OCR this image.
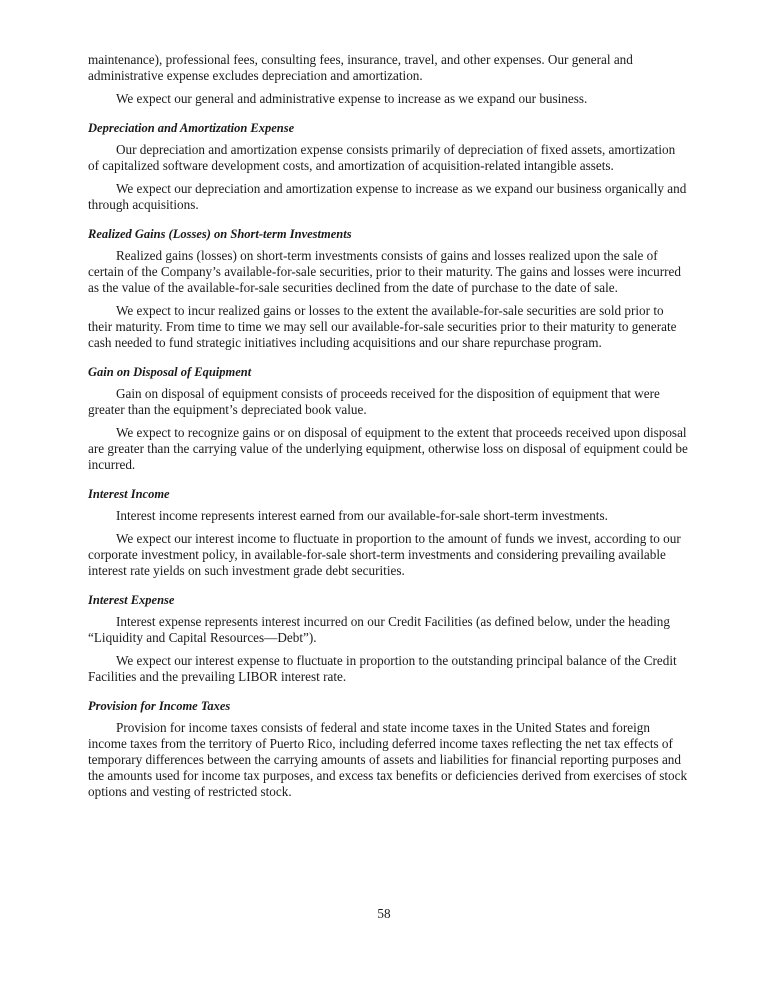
maintenance), professional fees, consulting fees, insurance, travel, and other expenses. Our general and administrative expense excludes depreciation and amortization.

We expect our general and administrative expense to increase as we expand our business.

Depreciation and Amortization Expense

Our depreciation and amortization expense consists primarily of depreciation of fixed assets, amortization of capitalized software development costs, and amortization of acquisition-related intangible assets.

We expect our depreciation and amortization expense to increase as we expand our business organically and through acquisitions.

Realized Gains (Losses) on Short-term Investments

Realized gains (losses) on short-term investments consists of gains and losses realized upon the sale of certain of the Company’s available-for-sale securities, prior to their maturity. The gains and losses were incurred as the value of the available-for-sale securities declined from the date of purchase to the date of sale.

We expect to incur realized gains or losses to the extent the available-for-sale securities are sold prior to their maturity. From time to time we may sell our available-for-sale securities prior to their maturity to generate cash needed to fund strategic initiatives including acquisitions and our share repurchase program.

Gain on Disposal of Equipment

Gain on disposal of equipment consists of proceeds received for the disposition of equipment that were greater than the equipment’s depreciated book value.

We expect to recognize gains or on disposal of equipment to the extent that proceeds received upon disposal are greater than the carrying value of the underlying equipment, otherwise loss on disposal of equipment could be incurred.

Interest Income

Interest income represents interest earned from our available-for-sale short-term investments.

We expect our interest income to fluctuate in proportion to the amount of funds we invest, according to our corporate investment policy, in available-for-sale short-term investments and considering prevailing available interest rate yields on such investment grade debt securities.

Interest Expense

Interest expense represents interest incurred on our Credit Facilities (as defined below, under the heading “Liquidity and Capital Resources—Debt”).

We expect our interest expense to fluctuate in proportion to the outstanding principal balance of the Credit Facilities and the prevailing LIBOR interest rate.

Provision for Income Taxes

Provision for income taxes consists of federal and state income taxes in the United States and foreign income taxes from the territory of Puerto Rico, including deferred income taxes reflecting the net tax effects of temporary differences between the carrying amounts of assets and liabilities for financial reporting purposes and the amounts used for income tax purposes, and excess tax benefits or deficiencies derived from exercises of stock options and vesting of restricted stock.

58
